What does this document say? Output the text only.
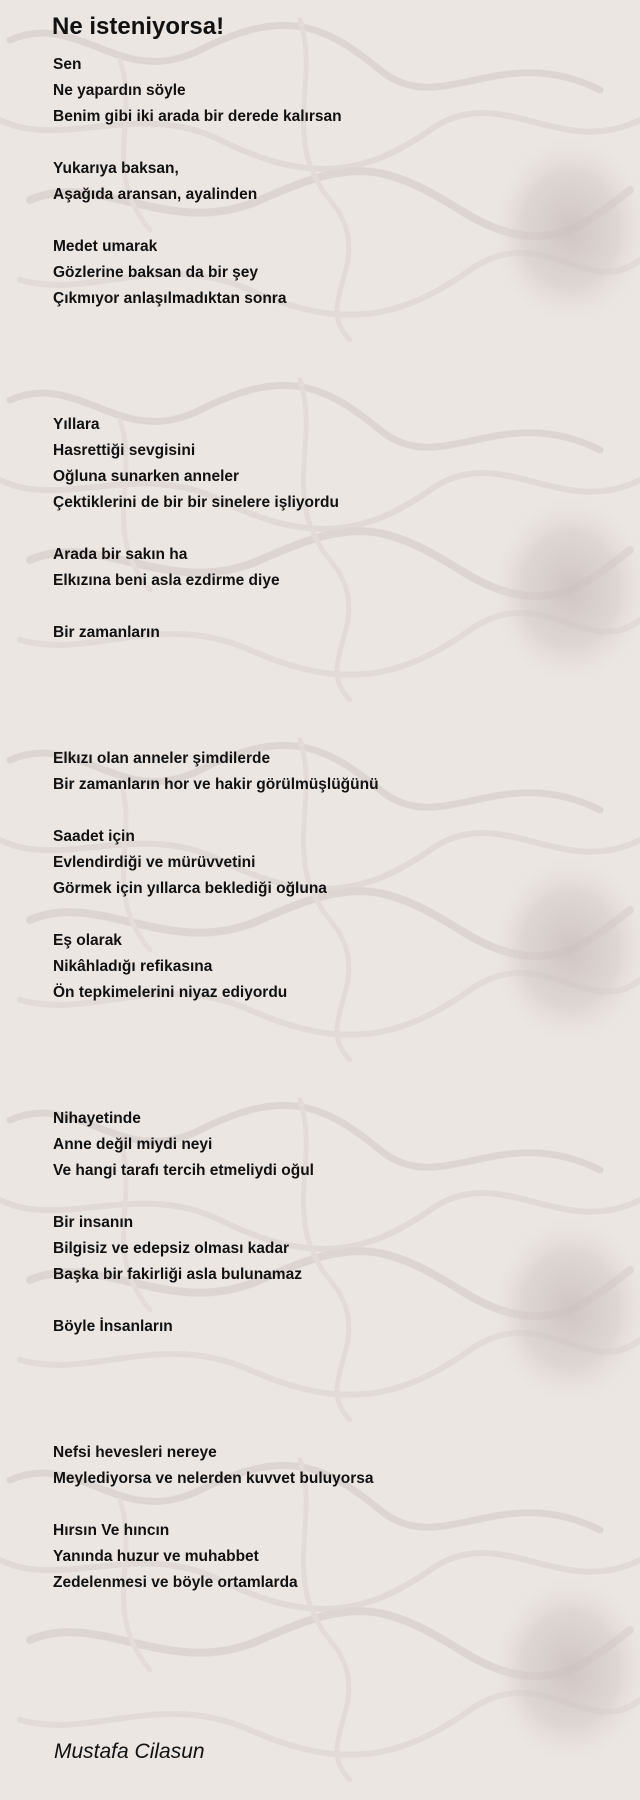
Ne isteniyorsa!

Sen
Ne yapardın söyle
Benim gibi iki arada bir derede kalırsan

Yukarıya baksan,
Aşağıda aransan, ayalinden

Medet umarak
Gözlerine baksan da bir şey
Çıkmıyor anlaşılmadıktan sonra

Yıllara
Hasrettiği sevgisini
Oğluna sunarken anneler
Çektiklerini de bir bir sinelere işliyordu

Arada bir sakın ha
Elkızına beni asla ezdirme diye

Bir zamanların

Elkızı olan anneler şimdilerde
Bir zamanların hor ve hakir görülmüşlüğünü

Saadet için
Evlendirdiği ve mürüvvetini
Görmek için yıllarca beklediği oğluna

Eş olarak
Nikâhladığı refikasına
Ön tepkimelerini niyaz ediyordu

Nihayetinde
Anne değil miydi neyi
Ve hangi tarafı tercih etmeliydi oğul

Bir insanın
Bilgisiz ve edepsiz olması kadar
Başka bir fakirliği asla bulunamaz

Böyle İnsanların

Nefsi hevesleri nereye
Meylediyorsa ve nelerden kuvvet buluyorsa

Hırsın Ve hıncın
Yanında huzur ve muhabbet
Zedelenmesi ve böyle ortamlarda

Mustafa Cilasun
